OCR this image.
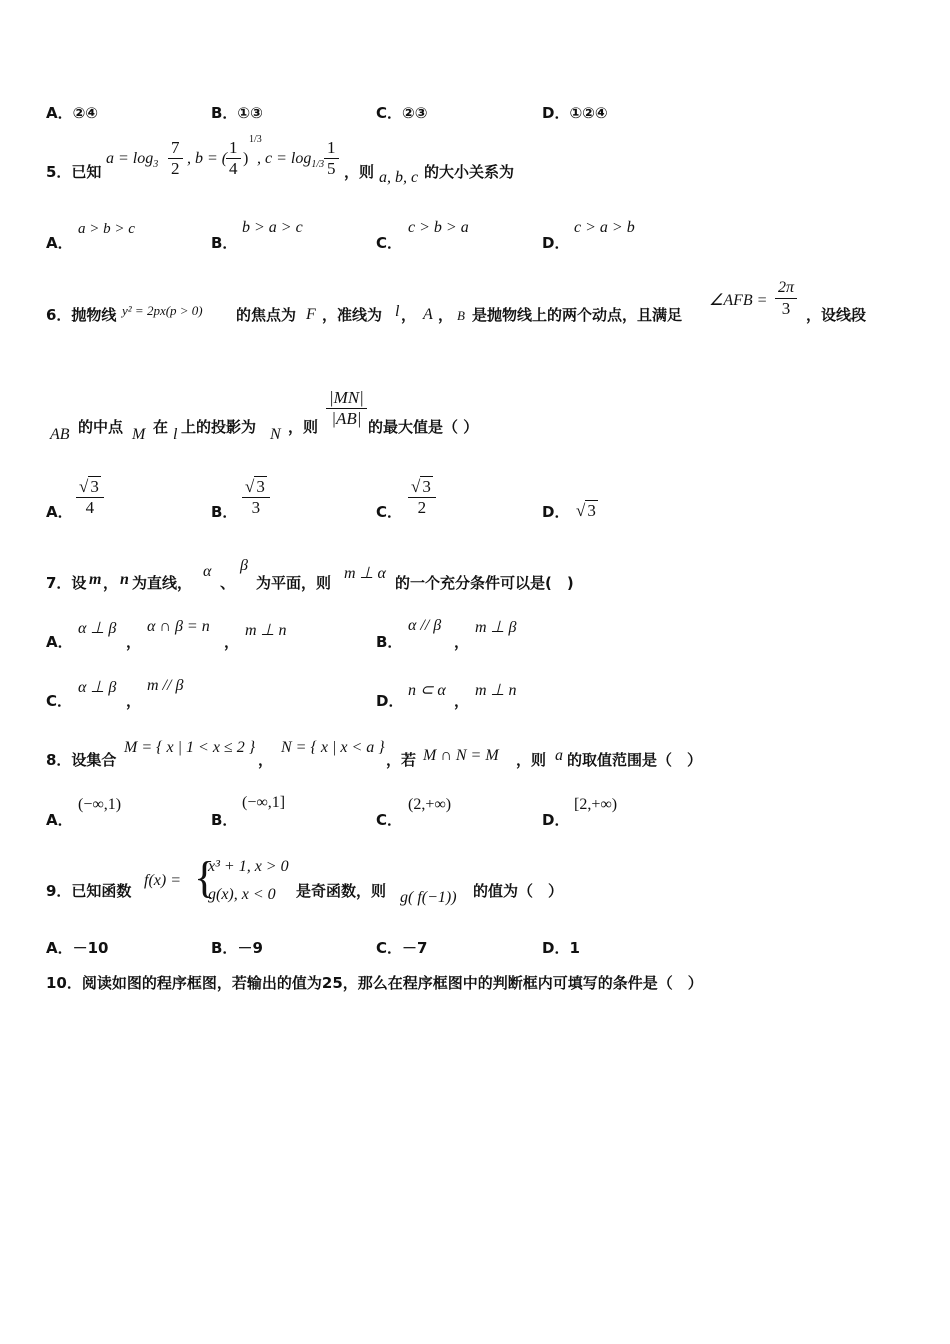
A．②④	B．①③	C．②③	D．①②④
5．已知
$a = \log_3 \frac{7}{2}$ , b = (
$\frac{1}{4}$ )
1/3
, $c = \log_{1/3} \frac{1}{5}$ ，则 a, b, c 的大小关系为
A．
a > b > c
B．
b > a > c
C．
c > b > a
D．
c > a > b
6．抛物线 y² = 2px(p > 0) 的焦点为 F ，准线为 l ， A ， B 是抛物线上的两个动点，且满足
∠AFB = $\frac{2\pi}{3}$ ，设线段
AB 的中点 M 在 l 上的投影为 N ，则 $\frac{|MN|}{|AB|}$ 的最大值是（ ）
A． $\frac{√ 3}{4}$	B． $\frac{√ 3}{3}$	C． $\frac{√ 3}{2}$	D． √ 3
7．设 m ， n 为直线，
α
、
β
为平面，则
m ⊥ α
的一个充分条件可以是(　)
A．
α ⊥ β
，
α ∩ β = n
，
m ⊥ n
B．
α // β
，
m ⊥ β
C．
α ⊥ β
，
m // β
D．
n ⊂ α
，
m ⊥ n
8．设集合
M = { x | 1 < x ≤ 2 }
，
N = { x | x < a }
，若 M ∩ N = M ，则 a 的取值范围是（　）
A．
(−∞,1)
B．
(−∞,1]
C．
(2,+∞)
D．
[2,+∞)
9．已知函数
f(x) = {
x³ + 1, x > 0
g(x), x < 0 是奇函数，则 g( f(−1)) 的值为（　）
A．－10	B．－9	C．－7	D．1
10．阅读如图的程序框图，若输出的值为25，那么在程序框图中的判断框内可填写的条件是（　）
